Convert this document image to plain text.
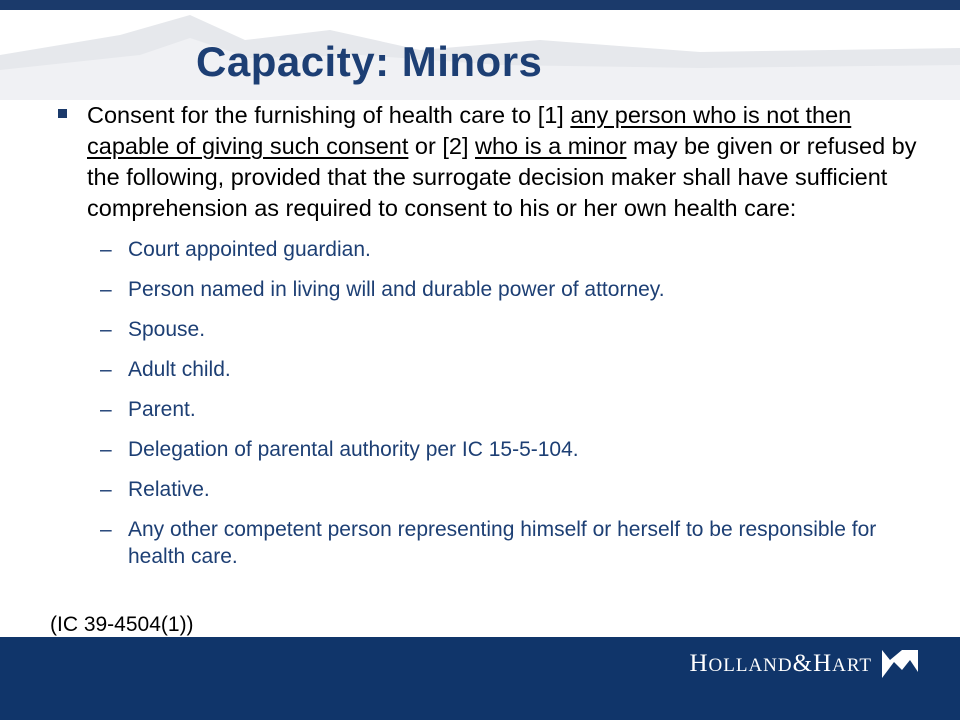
Capacity: Minors
Consent for the furnishing of health care to [1] any person who is not then capable of giving such consent or [2] who is a minor may be given or refused by the following, provided that the surrogate decision maker shall have sufficient comprehension as required to consent to his or her own health care:
– Court appointed guardian.
– Person named in living will and durable power of attorney.
– Spouse.
– Adult child.
– Parent.
– Delegation of parental authority per IC 15-5-104.
– Relative.
– Any other competent person representing himself or herself to be responsible for health care.
(IC 39-4504(1))
HOLLAND&HART
